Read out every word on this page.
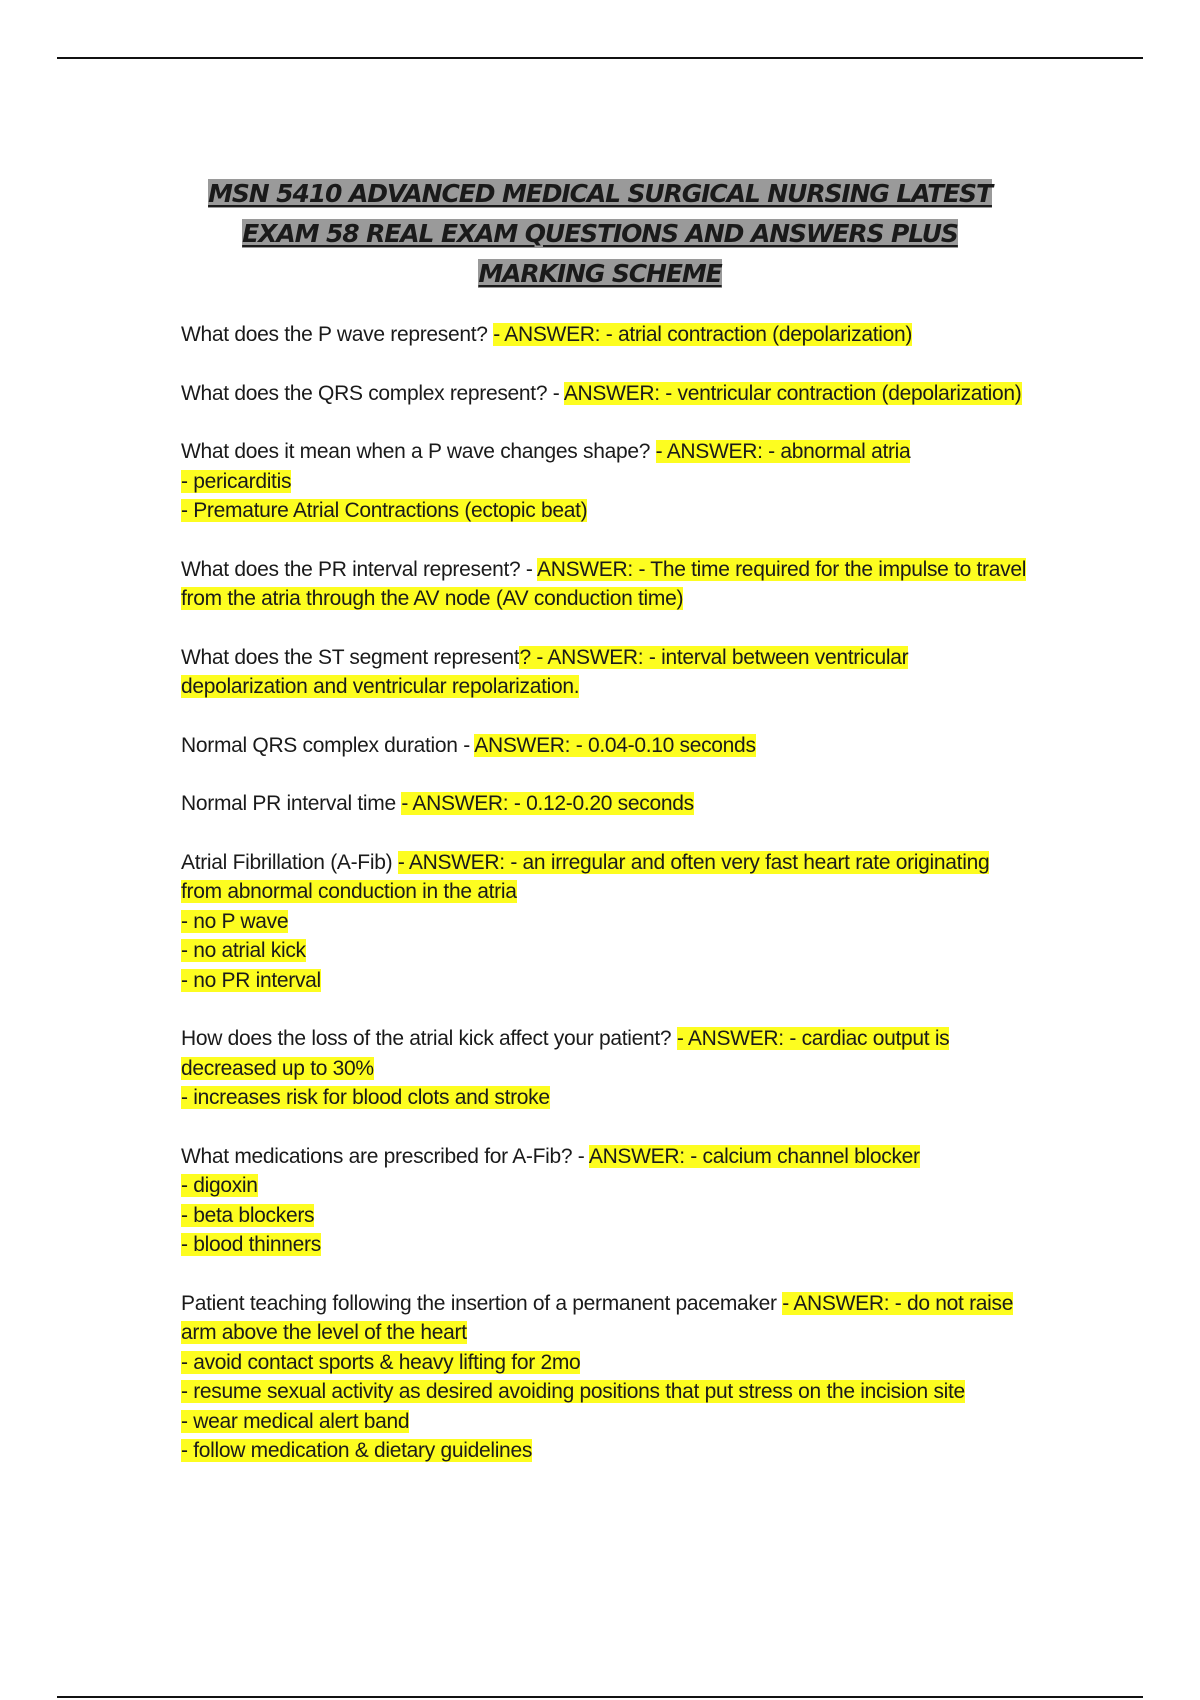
MSN 5410 ADVANCED MEDICAL SURGICAL NURSING LATEST EXAM 58 REAL EXAM QUESTIONS AND ANSWERS PLUS MARKING SCHEME
What does the P wave represent? - ANSWER: - atrial contraction (depolarization)
What does the QRS complex represent? - ANSWER: - ventricular contraction (depolarization)
What does it mean when a P wave changes shape? - ANSWER: - abnormal atria
- pericarditis
- Premature Atrial Contractions (ectopic beat)
What does the PR interval represent? - ANSWER: - The time required for the impulse to travel from the atria through the AV node (AV conduction time)
What does the ST segment represent? - ANSWER: - interval between ventricular depolarization and ventricular repolarization.
Normal QRS complex duration - ANSWER: - 0.04-0.10 seconds
Normal PR interval time - ANSWER: - 0.12-0.20 seconds
Atrial Fibrillation (A-Fib) - ANSWER: - an irregular and often very fast heart rate originating from abnormal conduction in the atria
- no P wave
- no atrial kick
- no PR interval
How does the loss of the atrial kick affect your patient? - ANSWER: - cardiac output is decreased up to 30%
- increases risk for blood clots and stroke
What medications are prescribed for A-Fib? - ANSWER: - calcium channel blocker
- digoxin
- beta blockers
- blood thinners
Patient teaching following the insertion of a permanent pacemaker - ANSWER: - do not raise arm above the level of the heart
- avoid contact sports & heavy lifting for 2mo
- resume sexual activity as desired avoiding positions that put stress on the incision site
- wear medical alert band
- follow medication & dietary guidelines
